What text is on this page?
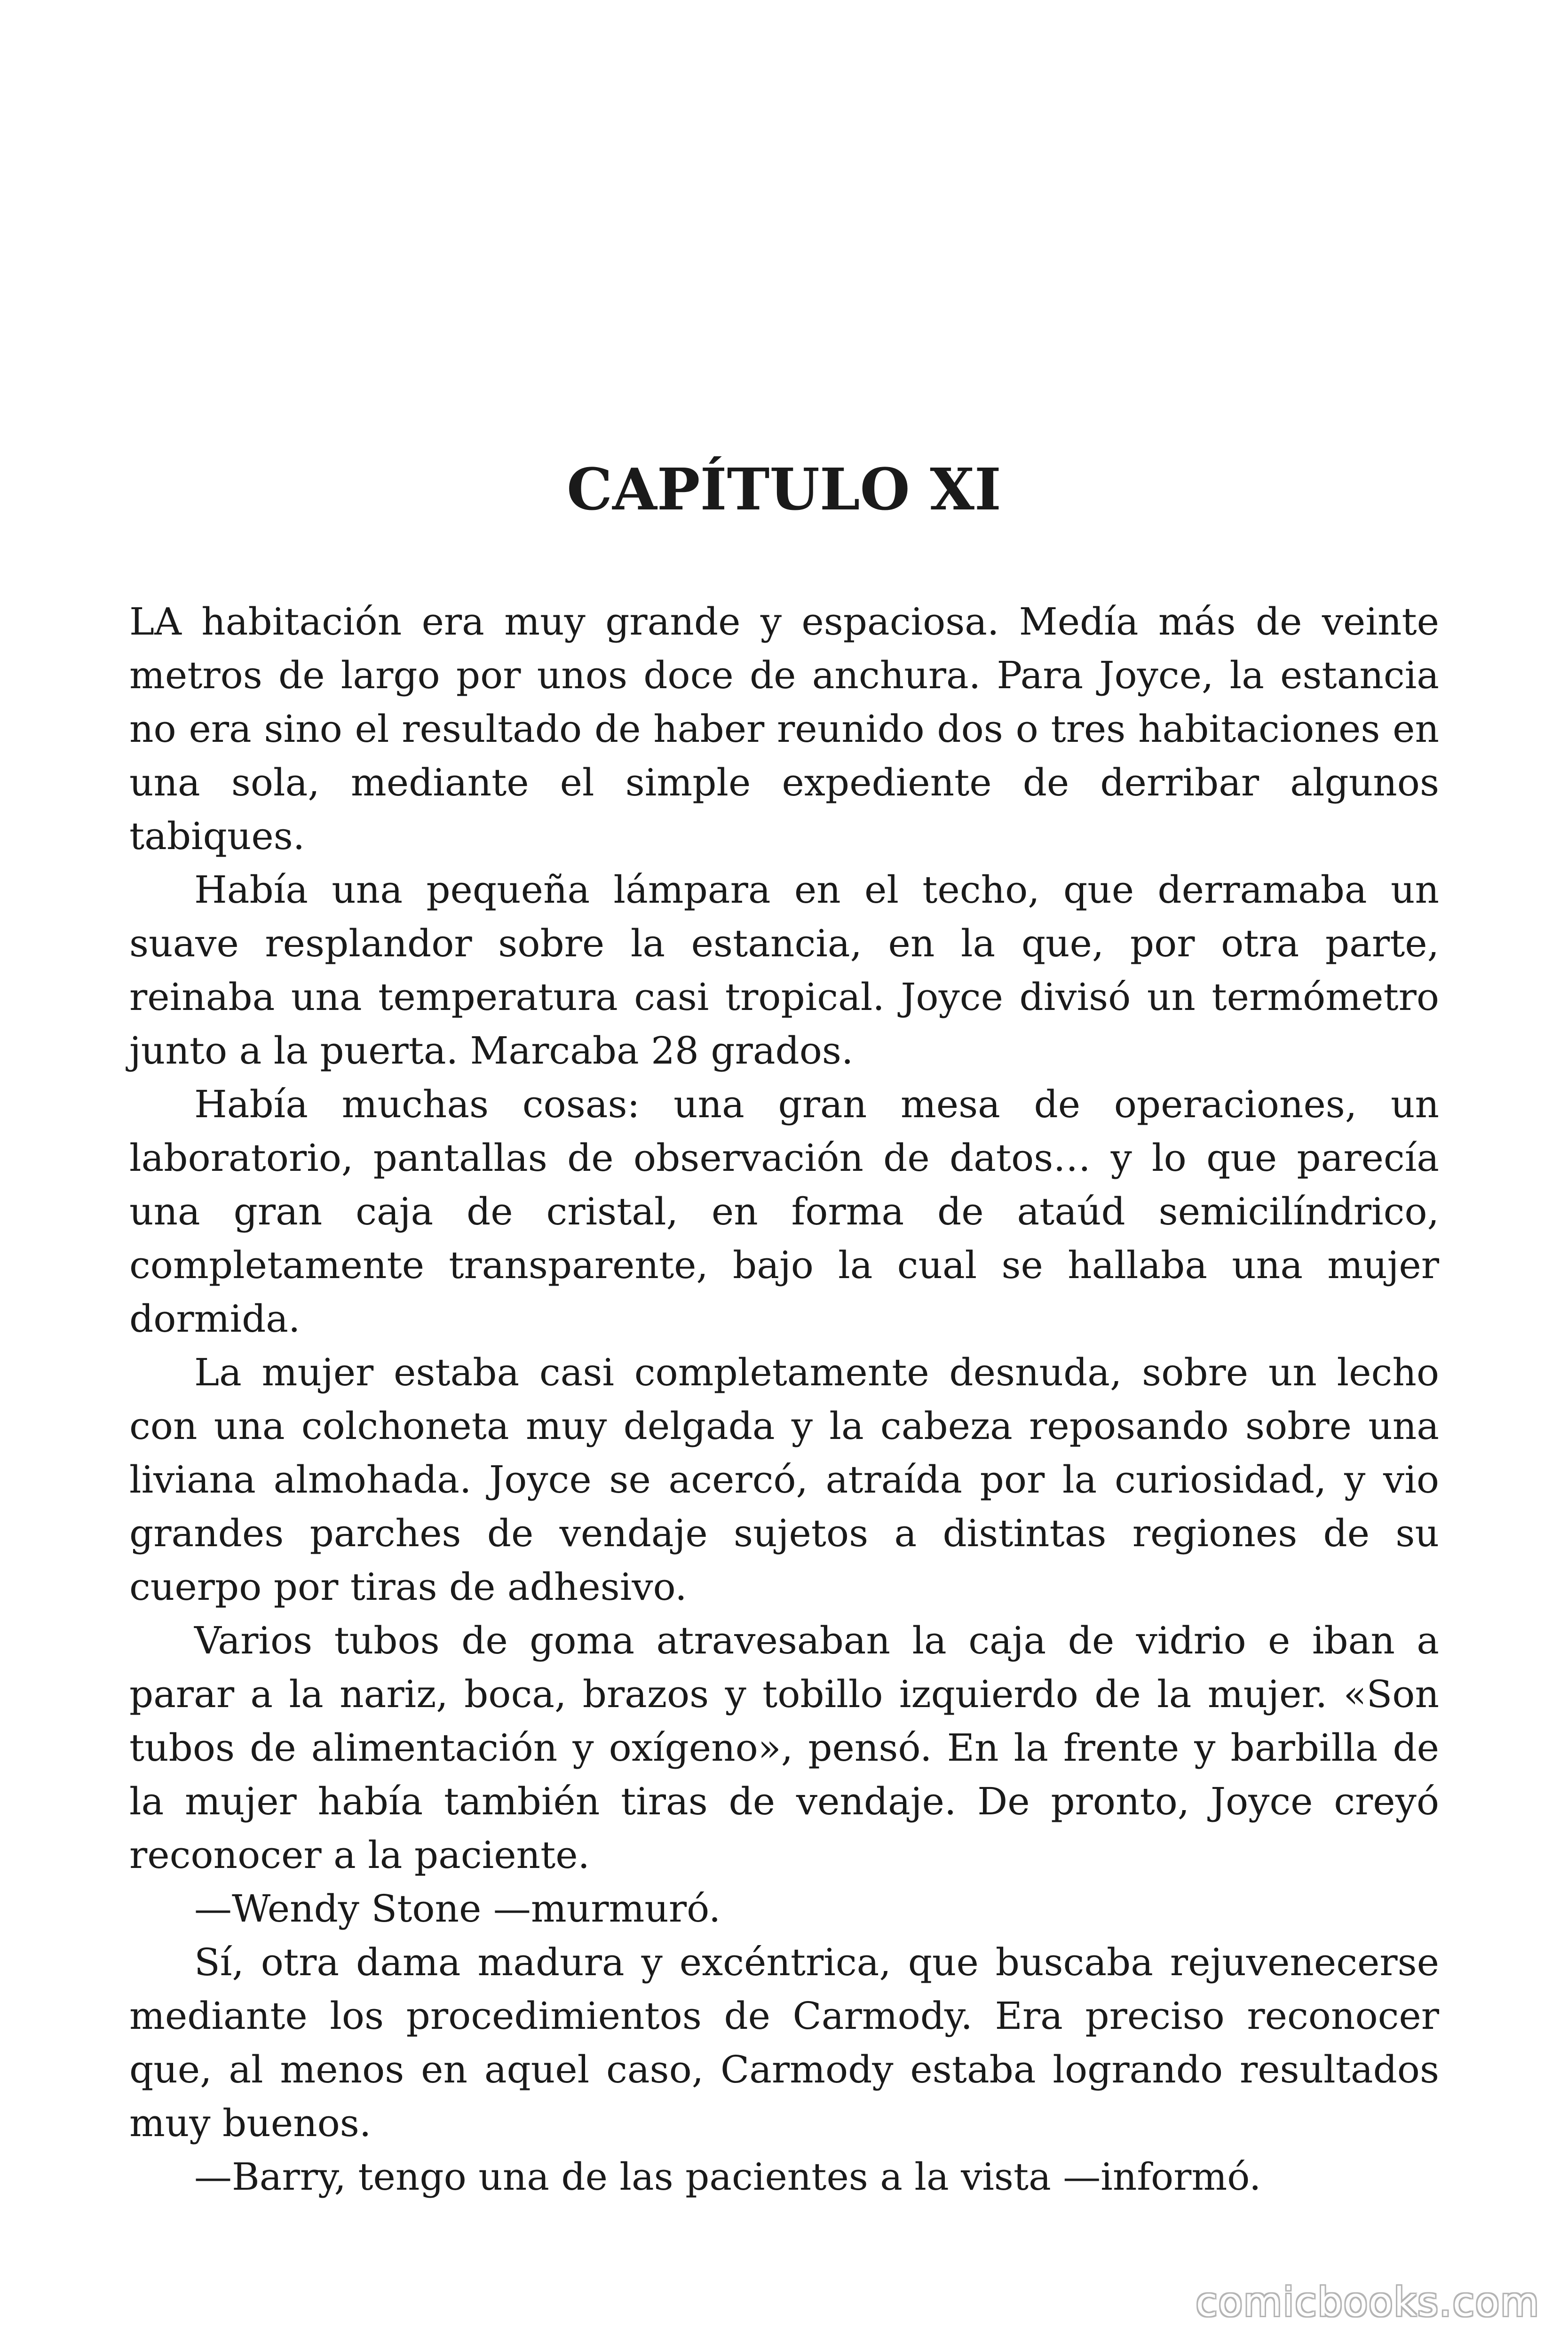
CAPÍTULO XI

LA habitación era muy grande y espaciosa. Medía más de veinte metros de largo por unos doce de anchura. Para Joyce, la estancia no era sino el resultado de haber reunido dos o tres habitaciones en una sola, mediante el simple expediente de derribar algunos tabiques.

Había una pequeña lámpara en el techo, que derramaba un suave resplandor sobre la estancia, en la que, por otra parte, reinaba una temperatura casi tropical. Joyce divisó un termómetro junto a la puerta. Marcaba 28 grados.

Había muchas cosas: una gran mesa de operaciones, un laboratorio, pantallas de observación de datos… y lo que parecía una gran caja de cristal, en forma de ataúd semicilíndrico, completamente transparente, bajo la cual se hallaba una mujer dormida.

La mujer estaba casi completamente desnuda, sobre un lecho con una colchoneta muy delgada y la cabeza reposando sobre una liviana almohada. Joyce se acercó, atraída por la curiosidad, y vio grandes parches de vendaje sujetos a distintas regiones de su cuerpo por tiras de adhesivo.

Varios tubos de goma atravesaban la caja de vidrio e iban a parar a la nariz, boca, brazos y tobillo izquierdo de la mujer. «Son tubos de alimentación y oxígeno», pensó. En la frente y barbilla de la mujer había también tiras de vendaje. De pronto, Joyce creyó reconocer a la paciente.

—Wendy Stone —murmuró.

Sí, otra dama madura y excéntrica, que buscaba rejuvenecerse mediante los procedimientos de Carmody. Era preciso reconocer que, al menos en aquel caso, Carmody estaba logrando resultados muy buenos.

—Barry, tengo una de las pacientes a la vista —informó.

comicbooks.com
